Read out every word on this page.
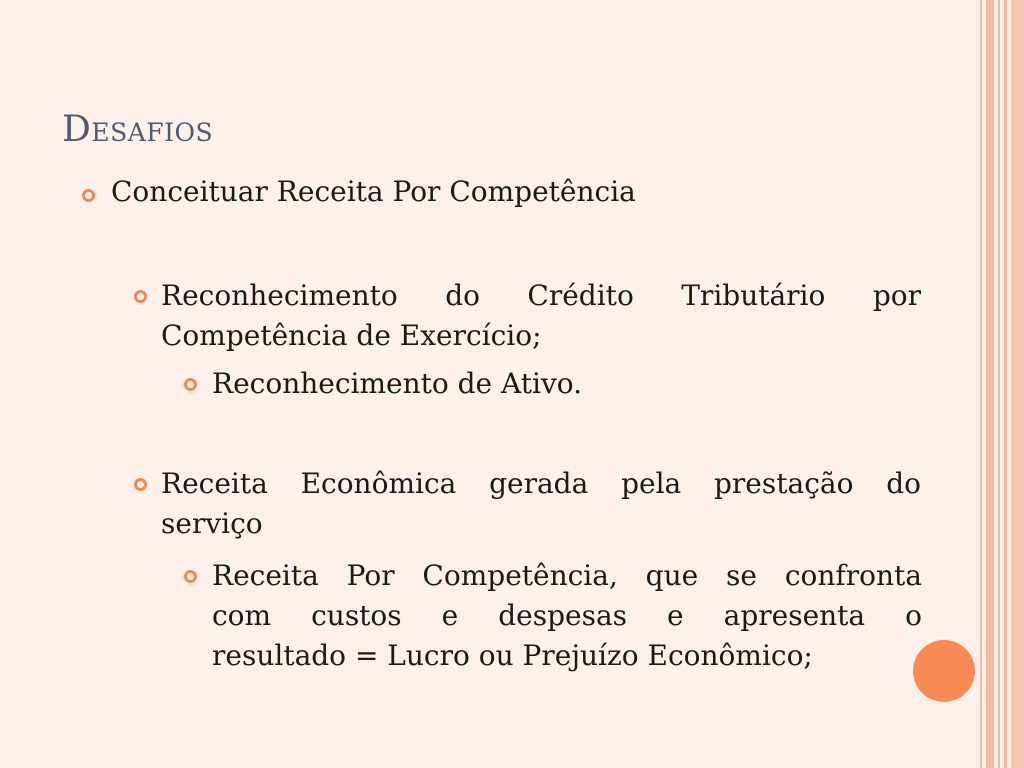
Desafios
Conceituar Receita Por Competência
Reconhecimento do Crédito Tributário por
Competência de Exercício;
Reconhecimento de Ativo.
Receita Econômica gerada pela prestação do
serviço
Receita Por Competência, que se confronta
com custos e despesas e apresenta o
resultado = Lucro ou Prejuízo Econômico;
